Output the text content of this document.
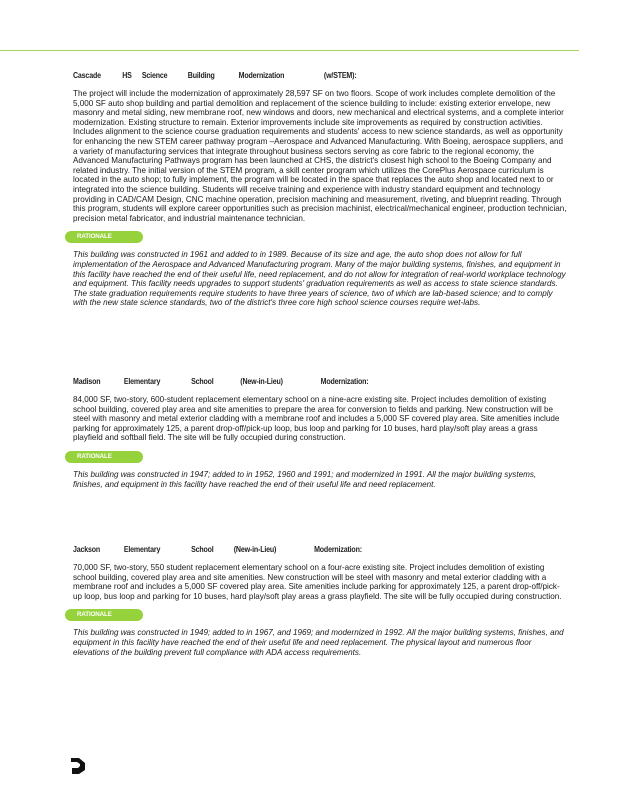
Cascade	HS	Science	Building	Modernization	(w/STEM):

The project will include the modernization of approximately 28,597 SF on two floors. Scope of work includes complete demolition of the 5,000 SF auto shop building and partial demolition and replacement of the science building to include: existing exterior envelope, new masonry and metal siding, new membrane roof, new windows and doors, new mechanical and electrical systems, and a complete interior modernization. Existing structure to remain. Exterior improvements include site improvements as required by construction activities. Includes alignment to the science course graduation requirements and students' access to new science standards, as well as opportunity for enhancing the new STEM career pathway program –Aerospace and Advanced Manufacturing. With Boeing, aerospace suppliers, and a variety of manufacturing services that integrate throughout business sectors serving as core fabric to the regional economy, the Advanced Manufacturing Pathways program has been launched at CHS, the district's closest high school to the Boeing Company and related industry. The initial version of the STEM program, a skill center program which utilizes the CorePlus Aerospace curriculum is located in the auto shop; to fully implement, the program will be located in the space that replaces the auto shop and located next to or integrated into the science building. Students will receive training and experience with industry standard equipment and technology providing in CAD/CAM Design, CNC machine operation, precision machining and measurement, riveting, and blueprint reading. Through this program, students will explore career opportunities such as precision machinist, electrical/mechanical engineer, production technician, precision metal fabricator, and industrial maintenance technician.

RATIONALE

This building was constructed in 1961 and added to in 1989. Because of its size and age, the auto shop does not allow for full implementation of the Aerospace and Advanced Manufacturing program. Many of the major building systems, finishes, and equipment in this facility have reached the end of their useful life, need replacement, and do not allow for integration of real-world workplace technology and equipment. This facility needs upgrades to support students' graduation requirements as well as access to state science standards. The state graduation requirements require students to have three years of science, two of which are lab-based science; and to comply with the new state science standards, two of the district's three core high school science courses require wet-labs.

Madison	Elementary	School	(New-in-Lieu)	Modernization:

84,000 SF, two-story, 600-student replacement elementary school on a nine-acre existing site. Project includes demolition of existing school building, covered play area and site amenities to prepare the area for conversion to fields and parking. New construction will be steel with masonry and metal exterior cladding with a membrane roof and includes a 5,000 SF covered play area. Site amenities include parking for approximately 125, a parent drop-off/pick-up loop, bus loop and parking for 10 buses, hard play/soft play areas a grass playfield and softball field. The site will be fully occupied during construction.

RATIONALE

This building was constructed in 1947; added to in 1952, 1960 and 1991; and modernized in 1991. All the major building systems, finishes, and equipment in this facility have reached the end of their useful life and need replacement.

Jackson	Elementary	School	(New-in-Lieu)	Modernization:

70,000 SF, two-story, 550 student replacement elementary school on a four-acre existing site. Project includes demolition of existing school building, covered play area and site amenities. New construction will be steel with masonry and metal exterior cladding with a membrane roof and includes a 5,000 SF covered play area. Site amenities include parking for approximately 125, a parent drop-off/pick-up loop, bus loop and parking for 10 buses, hard play/soft play areas a grass playfield. The site will be fully occupied during construction.

RATIONALE

This building was constructed in 1949; added to in 1967, and 1969; and modernized in 1992. All the major building systems, finishes, and equipment in this facility have reached the end of their useful life and need replacement. The physical layout and numerous floor elevations of the building prevent full compliance with ADA access requirements.
